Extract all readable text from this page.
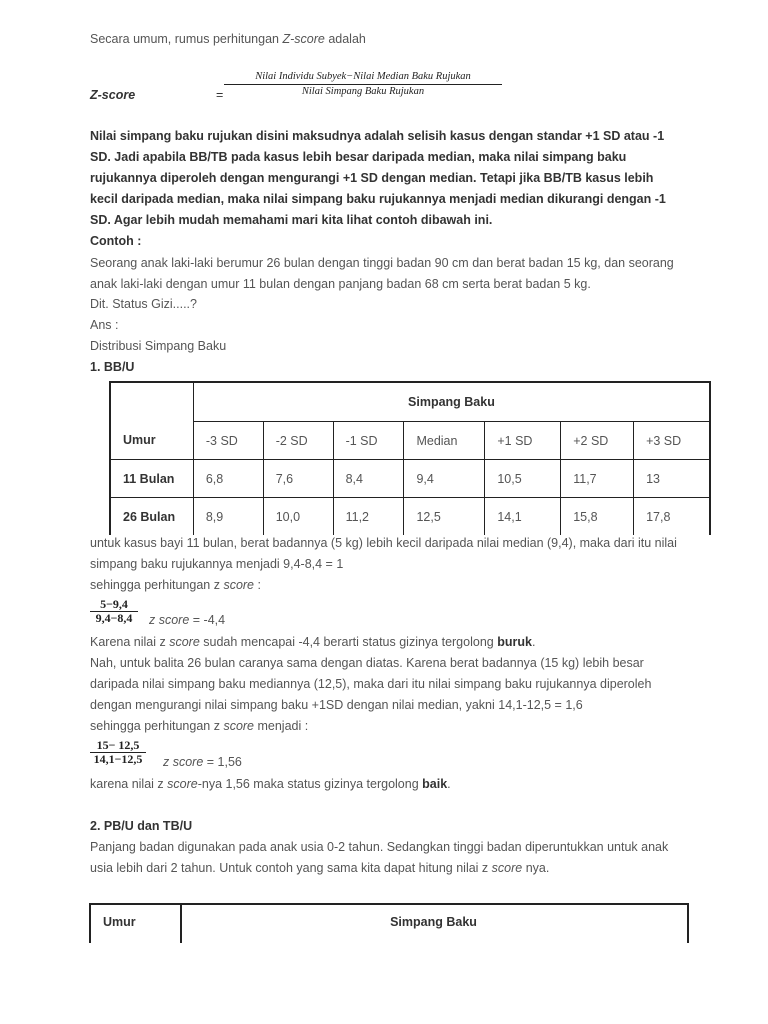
Secara umum, rumus perhitungan Z-score adalah
Z-score	=
Nilai Individu Subyek−Nilai Median Baku Rujukan
Nilai Simpang Baku Rujukan
Nilai simpang baku rujukan disini maksudnya adalah selisih kasus dengan standar +1 SD atau -1
SD. Jadi apabila BB/TB pada kasus lebih besar daripada median, maka nilai simpang baku
rujukannya diperoleh dengan mengurangi +1 SD dengan median. Tetapi jika BB/TB kasus lebih
kecil daripada median, maka nilai simpang baku rujukannya menjadi median dikurangi dengan -1
SD. Agar lebih mudah memahami mari kita lihat contoh dibawah ini.
Contoh :
Seorang anak laki-laki berumur 26 bulan dengan tinggi badan 90 cm dan berat badan 15 kg, dan seorang
anak laki-laki dengan umur 11 bulan dengan panjang badan 68 cm serta berat badan 5 kg.
Dit. Status Gizi.....?
Ans :
Distribusi Simpang Baku
1. BB/U
Umur	Simpang Baku						
	-3 SD	-2 SD	-1 SD	Median	+1 SD	+2 SD	+3 SD
11 Bulan	6,8	7,6	8,4	9,4	10,5	11,7	13
26 Bulan	8,9	10,0	11,2	12,5	14,1	15,8	17,8
untuk kasus bayi 11 bulan, berat badannya (5 kg) lebih kecil daripada nilai median (9,4), maka dari itu nilai
simpang baku rujukannya menjadi 9,4-8,4 = 1
sehingga perhitungan z score :
$\frac{5-9,4}{9,4-8,4}$ z score = -4,4
Karena nilai z score sudah mencapai -4,4 berarti status gizinya tergolong buruk.
Nah, untuk balita 26 bulan caranya sama dengan diatas. Karena berat badannya (15 kg) lebih besar
daripada nilai simpang baku mediannya (12,5), maka dari itu nilai simpang baku rujukannya diperoleh
dengan mengurangi nilai simpang baku +1SD dengan nilai median, yakni 14,1-12,5 = 1,6
sehingga perhitungan z score menjadi :
$\frac{15- 12,5}{14,1-12,5}$ z score = 1,56
karena nilai z score-nya 1,56 maka status gizinya tergolong baik.
2. PB/U dan TB/U
Panjang badan digunakan pada anak usia 0-2 tahun. Sedangkan tinggi badan diperuntukkan untuk anak
usia lebih dari 2 tahun. Untuk contoh yang sama kita dapat hitung nilai z score nya.
Umur	Simpang Baku
